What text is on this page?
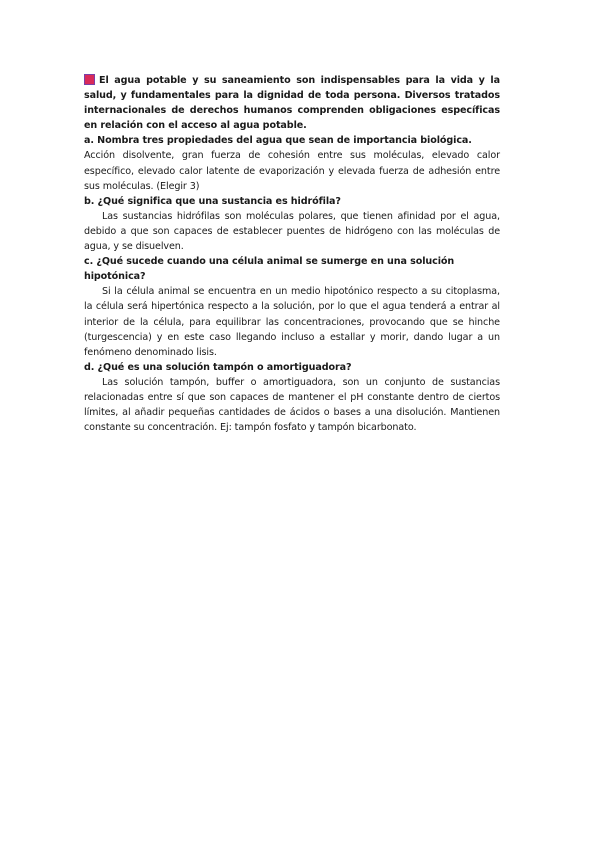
El agua potable y su saneamiento son indispensables para la vida y la salud, y fundamentales para la dignidad de toda persona. Diversos tratados internacionales de derechos humanos comprenden obligaciones específicas en relación con el acceso al agua potable.

a. Nombra tres propiedades del agua que sean de importancia biológica.

Acción disolvente, gran fuerza de cohesión entre sus moléculas, elevado calor específico, elevado calor latente de evaporización y elevada fuerza de adhesión entre sus moléculas. (Elegir 3)

b. ¿Qué significa que una sustancia es hidrófila?

Las sustancias hidrófilas son moléculas polares, que tienen afinidad por el agua, debido a que son capaces de establecer puentes de hidrógeno con las moléculas de agua, y se disuelven.

c. ¿Qué sucede cuando una célula animal se sumerge en una solución hipotónica?

Si la célula animal se encuentra en un medio hipotónico respecto a su citoplasma, la célula será hipertónica respecto a la solución, por lo que el agua tenderá a entrar al interior de la célula, para equilibrar las concentraciones, provocando que se hinche (turgescencia) y en este caso llegando incluso a estallar y morir, dando lugar a un fenómeno denominado lisis.

d. ¿Qué es una solución tampón o amortiguadora?

Las solución tampón, buffer o amortiguadora, son un conjunto de sustancias relacionadas entre sí que son capaces de mantener el pH constante dentro de ciertos límites, al añadir pequeñas cantidades de ácidos o bases a una disolución. Mantienen constante su concentración. Ej: tampón fosfato y tampón bicarbonato.
